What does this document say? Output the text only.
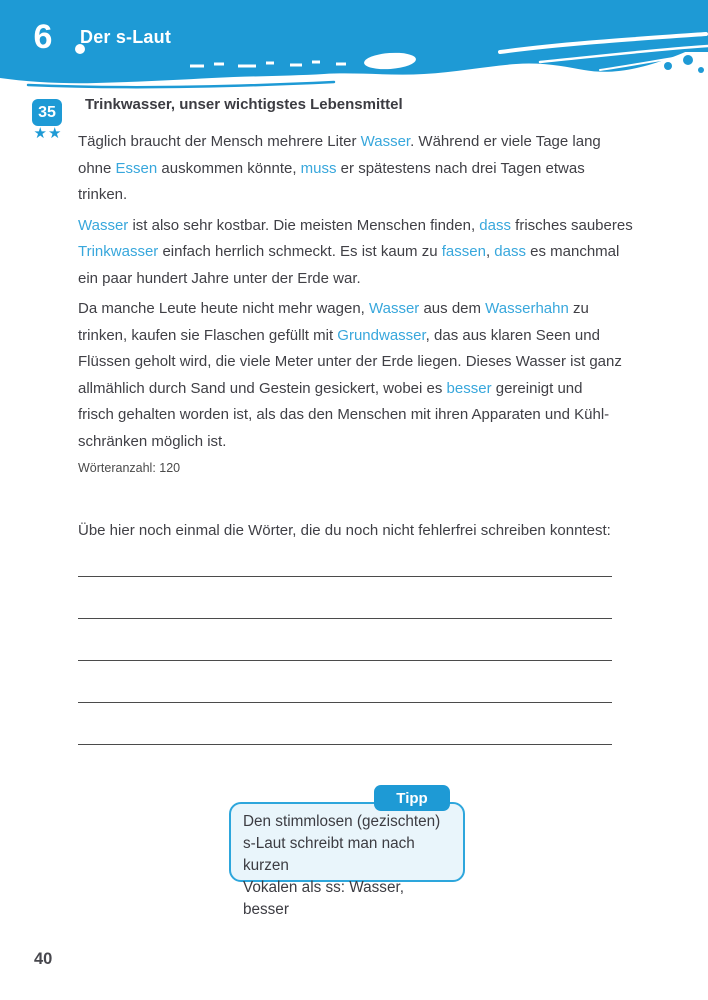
6	Der s-Laut
35
★★
Trinkwasser, unser wichtigstes Lebensmittel

Täglich braucht der Mensch mehrere Liter Wasser. Während er viele Tage lang
ohne Essen auskommen könnte, muss er spätestens nach drei Tagen etwas
trinken.

Wasser ist also sehr kostbar. Die meisten Menschen finden, dass frisches sauberes
Trinkwasser einfach herrlich schmeckt. Es ist kaum zu fassen, dass es manchmal
ein paar hundert Jahre unter der Erde war.

Da manche Leute heute nicht mehr wagen, Wasser aus dem Wasserhahn zu
trinken, kaufen sie Flaschen gefüllt mit Grundwasser, das aus klaren Seen und
Flüssen geholt wird, die viele Meter unter der Erde liegen. Dieses Wasser ist ganz
allmählich durch Sand und Gestein gesickert, wobei es besser gereinigt und
frisch gehalten worden ist, als das den Menschen mit ihren Apparaten und Kühl-
schränken möglich ist.

Wörteranzahl: 120
Übe hier noch einmal die Wörter, die du noch nicht fehlerfrei schreiben konntest:
Tipp
Den stimmlosen (gezischten)
s-Laut schreibt man nach kurzen
Vokalen als ss: Wasser, besser
40
